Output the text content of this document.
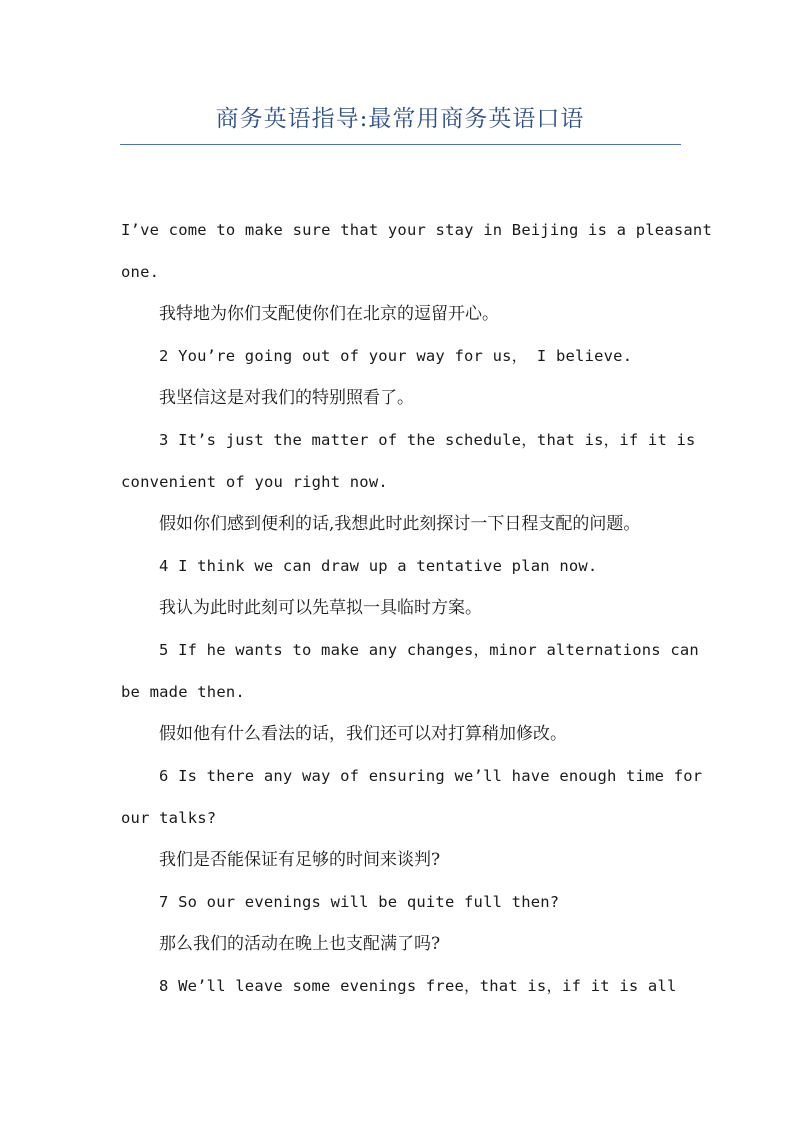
商务英语指导:最常用商务英语口语
I’ve come to make sure that your stay in Beijing is a pleasant
one.
我特地为你们支配使你们在北京的逗留开心。
2 You’re going out of your way for us， I believe.
我坚信这是对我们的特别照看了。
3 It’s just the matter of the schedule，that is，if it is
convenient of you right now.
假如你们感到便利的话,我想此时此刻探讨一下日程支配的问题。
4 I think we can draw up a tentative plan now.
我认为此时此刻可以先草拟一具临时方案。
5 If he wants to make any changes，minor alternations can
be made then.
假如他有什么看法的话，我们还可以对打算稍加修改。
6 Is there any way of ensuring we’ll have enough time for
our talks?
我们是否能保证有足够的时间来谈判?
7 So our evenings will be quite full then?
那么我们的活动在晚上也支配满了吗?
8 We’ll leave some evenings free，that is，if it is all
